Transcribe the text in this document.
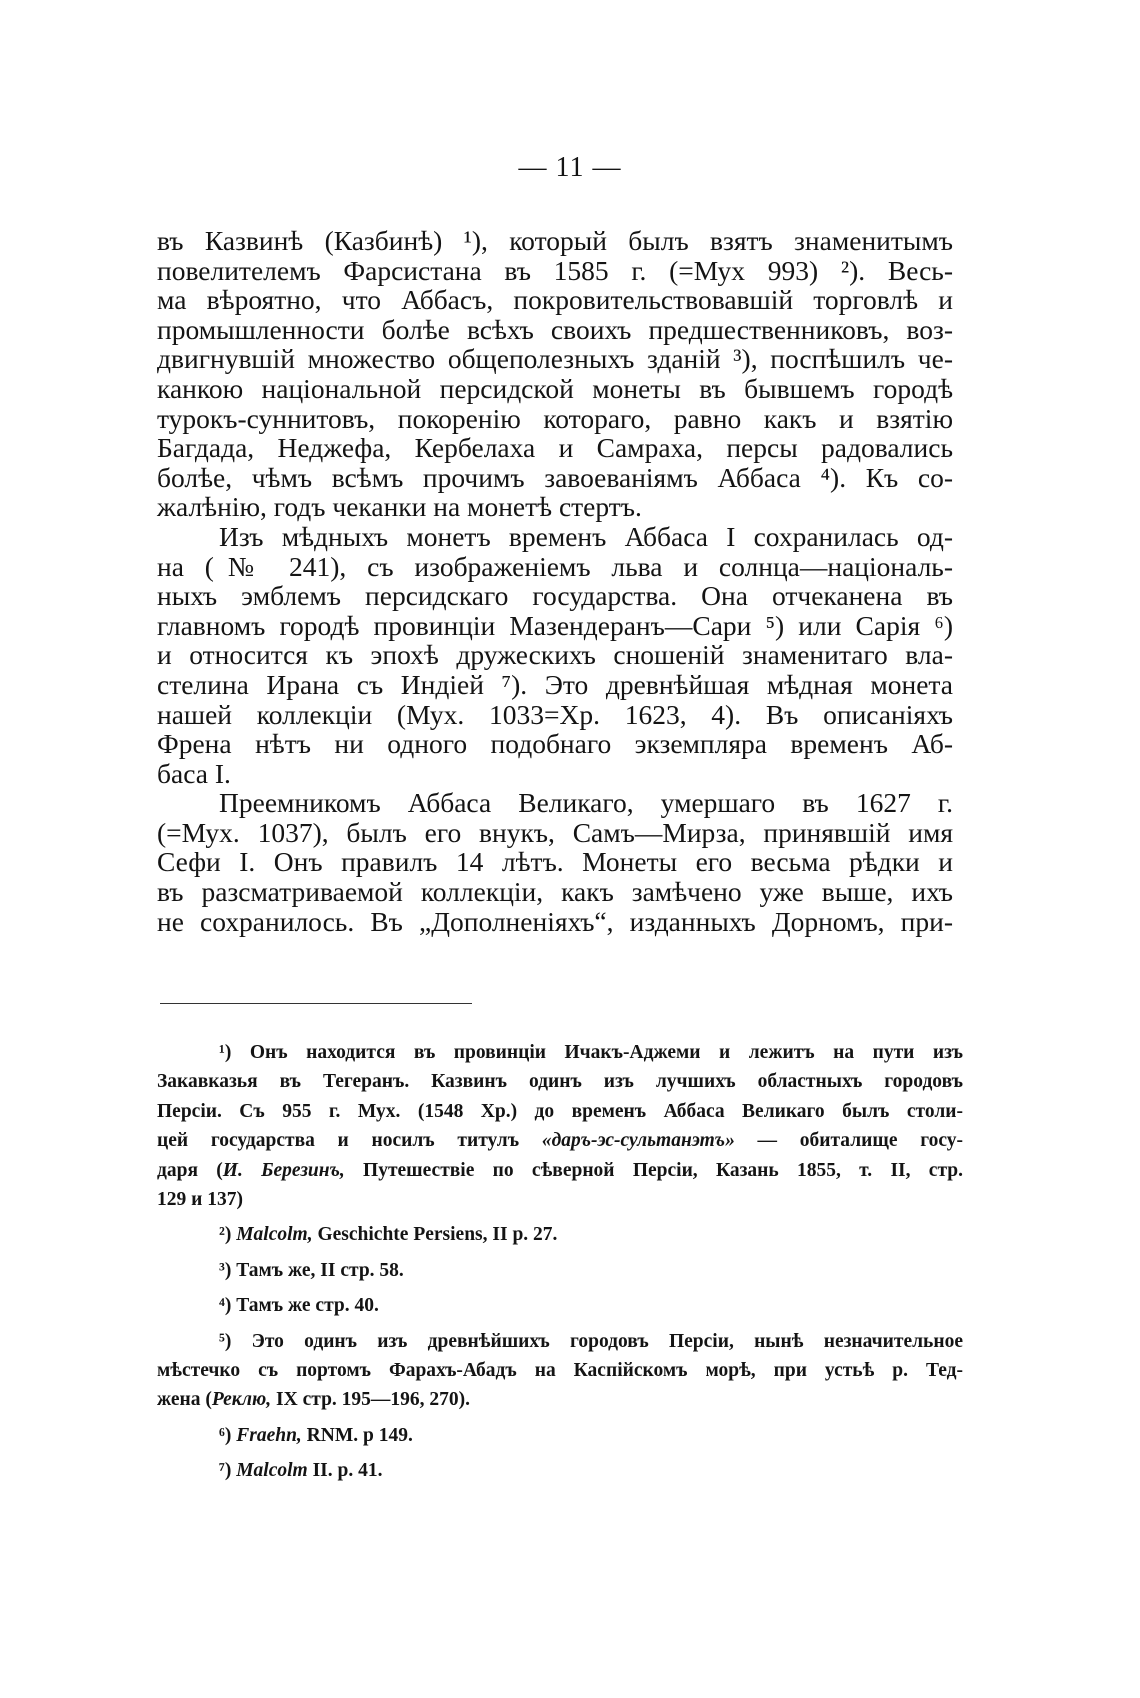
— 11 —
въ Казвинѣ (Казбинѣ) ¹), который былъ взятъ знаменитымъ
повелителемъ Фарсистана въ 1585 г. (=Мух 993) ²). Весь-
ма вѣроятно, что Аббасъ, покровительствовавшій торговлѣ и
промышленности болѣе всѣхъ своихъ предшественниковъ, воз-
двигнувшій множество общеполезныхъ зданій ³), поспѣшилъ че-
канкою національной персидской монеты въ бывшемъ городѣ
турокъ-суннитовъ, покоренію котораго, равно какъ и взятію
Багдада, Неджефа, Кербелаха и Самраха, персы радовались
болѣе, чѣмъ всѣмъ прочимъ завоеваніямъ Аббаса ⁴). Къ со-
жалѣнію, годъ чеканки на монетѣ стертъ.
Изъ мѣдныхъ монетъ временъ Аббаса I сохранилась од-
на (№ 241), съ изображеніемъ льва и солнца—національ-
ныхъ эмблемъ персидскаго государства. Она отчеканена въ
главномъ городѣ провинціи Мазендеранъ—Сари ⁵) или Сарія ⁶)
и относится къ эпохѣ дружескихъ сношеній знаменитаго вла-
стелина Ирана съ Индіей ⁷). Это древнѣйшая мѣдная монета
нашей коллекціи (Мух. 1033=Хр. 1623, 4). Въ описаніяхъ
Френа нѣтъ ни одного подобнаго экземпляра временъ Аб-
баса I.
Преемникомъ Аббаса Великаго, умершаго въ 1627 г.
(=Мух. 1037), былъ его внукъ, Самъ—Мирза, принявшій имя
Сефи I. Онъ правилъ 14 лѣтъ. Монеты его весьма рѣдки и
въ разсматриваемой коллекціи, какъ замѣчено уже выше, ихъ
не сохранилось. Въ „Дополненіяхъ“, изданныхъ Дорномъ, при-
¹) Онъ находится въ провинціи Ичакъ-Аджеми и лежитъ на пути изъ
Закавказья въ Тегеранъ. Казвинъ одинъ изъ лучшихъ областныхъ городовъ
Персіи. Съ 955 г. Мух. (1548 Хр.) до временъ Аббаса Великаго былъ столи-
цей государства и носилъ титулъ «даръ-эс-сультанэтъ» — обиталище госу-
даря (И. Березинъ, Путешествіе по сѣверной Персіи, Казань 1855, т. II, стр.
129 и 137)
²) Malcolm, Geschichte Persiens, II p. 27.
³) Тамъ же, II стр. 58.
⁴) Тамъ же стр. 40.
⁵) Это одинъ изъ древнѣйшихъ городовъ Персіи, нынѣ незначительное
мѣстечко съ портомъ Фарахъ-Абадъ на Каспійскомъ морѣ, при устьѣ р. Тед-
жена (Реклю, IX стр. 195—196, 270).
⁶) Fraehn, RNM. p 149.
⁷) Malcolm II. p. 41.
